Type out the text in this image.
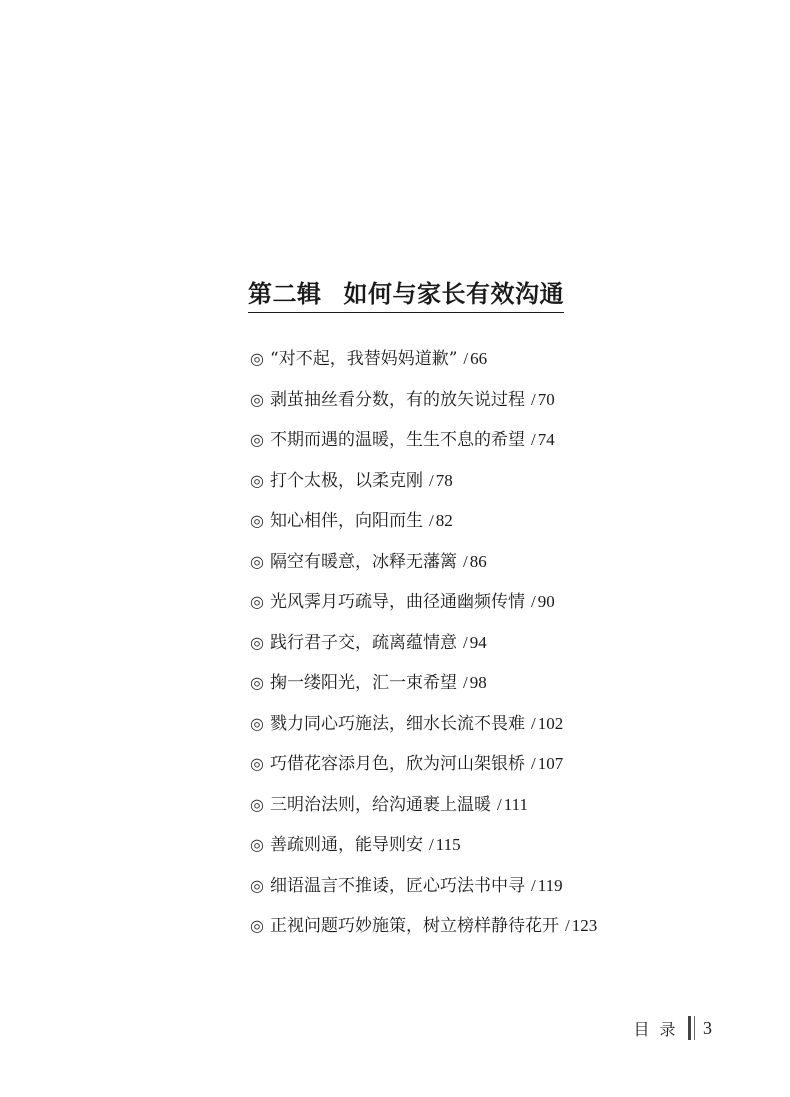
第二辑 如何与家长有效沟通
◎ “对不起，我替妈妈道歉” / 66
◎ 剥茧抽丝看分数，有的放矢说过程 / 70
◎ 不期而遇的温暖，生生不息的希望 / 74
◎ 打个太极，以柔克刚 / 78
◎ 知心相伴，向阳而生 / 82
◎ 隔空有暖意，冰释无藩篱 / 86
◎ 光风霁月巧疏导，曲径通幽频传情 / 90
◎ 践行君子交，疏离蕴情意 / 94
◎ 掬一缕阳光，汇一束希望 / 98
◎ 戮力同心巧施法，细水长流不畏难 / 102
◎ 巧借花容添月色，欣为河山架银桥 / 107
◎ 三明治法则，给沟通裹上温暖 / 111
◎ 善疏则通，能导则安 / 115
◎ 细语温言不推诿，匠心巧法书中寻 / 119
◎ 正视问题巧妙施策，树立榜样静待花开 / 123
目录 3
